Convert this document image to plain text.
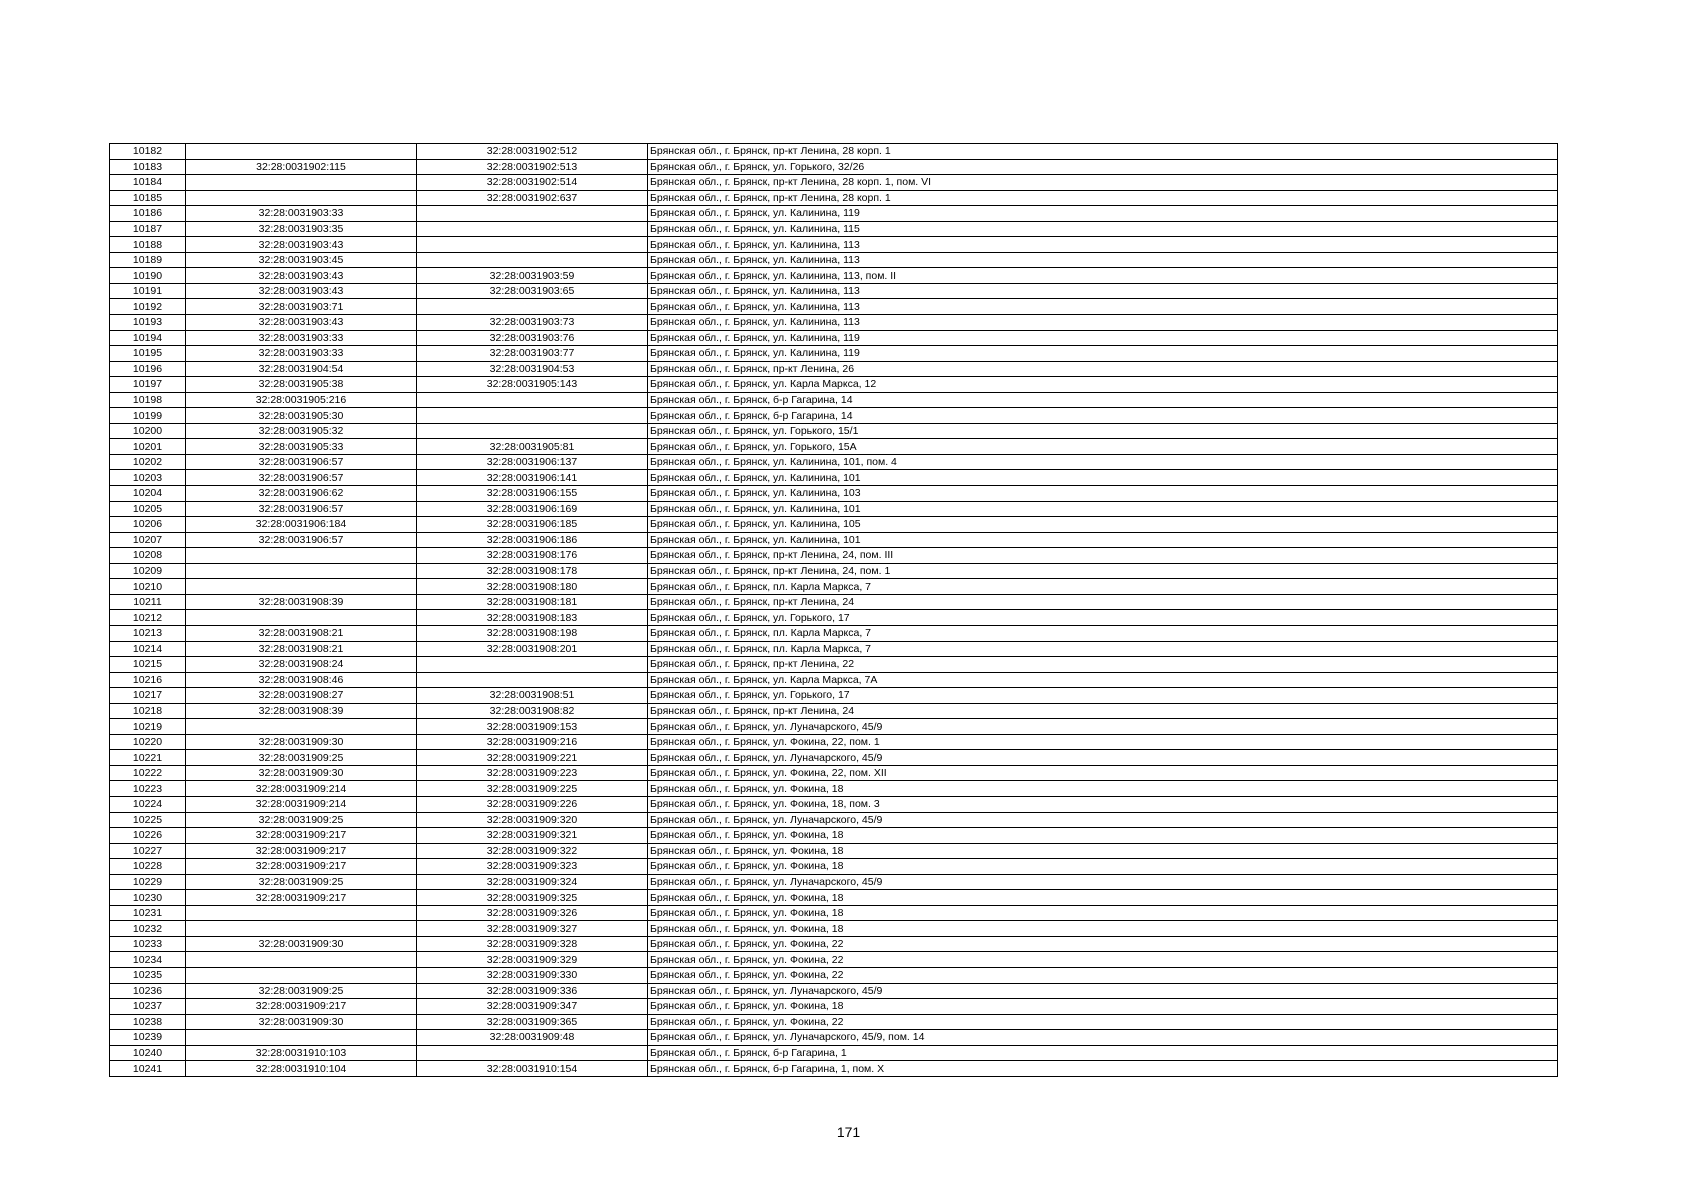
10182		32:28:0031902:512	Брянская обл., г. Брянск, пр-кт Ленина, 28 корп. 1
10183	32:28:0031902:115	32:28:0031902:513	Брянская обл., г. Брянск, ул. Горького, 32/26
10184		32:28:0031902:514	Брянская обл., г. Брянск, пр-кт Ленина, 28 корп. 1, пом. VI
10185		32:28:0031902:637	Брянская обл., г. Брянск, пр-кт Ленина, 28 корп. 1
10186	32:28:0031903:33		Брянская обл., г. Брянск, ул. Калинина, 119
10187	32:28:0031903:35		Брянская обл., г. Брянск, ул. Калинина, 115
10188	32:28:0031903:43		Брянская обл., г. Брянск, ул. Калинина, 113
10189	32:28:0031903:45		Брянская обл., г. Брянск, ул. Калинина, 113
10190	32:28:0031903:43	32:28:0031903:59	Брянская обл., г. Брянск, ул. Калинина, 113, пом. II
10191	32:28:0031903:43	32:28:0031903:65	Брянская обл., г. Брянск, ул. Калинина, 113
10192	32:28:0031903:71		Брянская обл., г. Брянск, ул. Калинина, 113
10193	32:28:0031903:43	32:28:0031903:73	Брянская обл., г. Брянск, ул. Калинина, 113
10194	32:28:0031903:33	32:28:0031903:76	Брянская обл., г. Брянск, ул. Калинина, 119
10195	32:28:0031903:33	32:28:0031903:77	Брянская обл., г. Брянск, ул. Калинина, 119
10196	32:28:0031904:54	32:28:0031904:53	Брянская обл., г. Брянск, пр-кт Ленина, 26
10197	32:28:0031905:38	32:28:0031905:143	Брянская обл., г. Брянск, ул. Карла Маркса, 12
10198	32:28:0031905:216		Брянская обл., г. Брянск, б-р Гагарина, 14
10199	32:28:0031905:30		Брянская обл., г. Брянск, б-р Гагарина, 14
10200	32:28:0031905:32		Брянская обл., г. Брянск, ул. Горького, 15/1
10201	32:28:0031905:33	32:28:0031905:81	Брянская обл., г. Брянск, ул. Горького, 15А
10202	32:28:0031906:57	32:28:0031906:137	Брянская обл., г. Брянск, ул. Калинина, 101, пом. 4
10203	32:28:0031906:57	32:28:0031906:141	Брянская обл., г. Брянск, ул. Калинина, 101
10204	32:28:0031906:62	32:28:0031906:155	Брянская обл., г. Брянск, ул. Калинина, 103
10205	32:28:0031906:57	32:28:0031906:169	Брянская обл., г. Брянск, ул. Калинина, 101
10206	32:28:0031906:184	32:28:0031906:185	Брянская обл., г. Брянск, ул. Калинина, 105
10207	32:28:0031906:57	32:28:0031906:186	Брянская обл., г. Брянск, ул. Калинина, 101
10208		32:28:0031908:176	Брянская обл., г. Брянск, пр-кт Ленина, 24, пом. III
10209		32:28:0031908:178	Брянская обл., г. Брянск, пр-кт Ленина, 24, пом. 1
10210		32:28:0031908:180	Брянская обл., г. Брянск, пл. Карла Маркса, 7
10211	32:28:0031908:39	32:28:0031908:181	Брянская обл., г. Брянск, пр-кт Ленина, 24
10212		32:28:0031908:183	Брянская обл., г. Брянск, ул. Горького, 17
10213	32:28:0031908:21	32:28:0031908:198	Брянская обл., г. Брянск, пл. Карла Маркса, 7
10214	32:28:0031908:21	32:28:0031908:201	Брянская обл., г. Брянск, пл. Карла Маркса, 7
10215	32:28:0031908:24		Брянская обл., г. Брянск, пр-кт Ленина, 22
10216	32:28:0031908:46		Брянская обл., г. Брянск, ул. Карла Маркса, 7А
10217	32:28:0031908:27	32:28:0031908:51	Брянская обл., г. Брянск, ул. Горького, 17
10218	32:28:0031908:39	32:28:0031908:82	Брянская обл., г. Брянск, пр-кт Ленина, 24
10219		32:28:0031909:153	Брянская обл., г. Брянск, ул. Луначарского, 45/9
10220	32:28:0031909:30	32:28:0031909:216	Брянская обл., г. Брянск, ул. Фокина, 22, пом. 1
10221	32:28:0031909:25	32:28:0031909:221	Брянская обл., г. Брянск, ул. Луначарского, 45/9
10222	32:28:0031909:30	32:28:0031909:223	Брянская обл., г. Брянск, ул. Фокина, 22, пом. XII
10223	32:28:0031909:214	32:28:0031909:225	Брянская обл., г. Брянск, ул. Фокина, 18
10224	32:28:0031909:214	32:28:0031909:226	Брянская обл., г. Брянск, ул. Фокина, 18, пом. 3
10225	32:28:0031909:25	32:28:0031909:320	Брянская обл., г. Брянск, ул. Луначарского, 45/9
10226	32:28:0031909:217	32:28:0031909:321	Брянская обл., г. Брянск, ул. Фокина, 18
10227	32:28:0031909:217	32:28:0031909:322	Брянская обл., г. Брянск, ул. Фокина, 18
10228	32:28:0031909:217	32:28:0031909:323	Брянская обл., г. Брянск, ул. Фокина, 18
10229	32:28:0031909:25	32:28:0031909:324	Брянская обл., г. Брянск, ул. Луначарского, 45/9
10230	32:28:0031909:217	32:28:0031909:325	Брянская обл., г. Брянск, ул. Фокина, 18
10231		32:28:0031909:326	Брянская обл., г. Брянск, ул. Фокина, 18
10232		32:28:0031909:327	Брянская обл., г. Брянск, ул. Фокина, 18
10233	32:28:0031909:30	32:28:0031909:328	Брянская обл., г. Брянск, ул. Фокина, 22
10234		32:28:0031909:329	Брянская обл., г. Брянск, ул. Фокина, 22
10235		32:28:0031909:330	Брянская обл., г. Брянск, ул. Фокина, 22
10236	32:28:0031909:25	32:28:0031909:336	Брянская обл., г. Брянск, ул. Луначарского, 45/9
10237	32:28:0031909:217	32:28:0031909:347	Брянская обл., г. Брянск, ул. Фокина, 18
10238	32:28:0031909:30	32:28:0031909:365	Брянская обл., г. Брянск, ул. Фокина, 22
10239		32:28:0031909:48	Брянская обл., г. Брянск, ул. Луначарского, 45/9, пом. 14
10240	32:28:0031910:103		Брянская обл., г. Брянск, б-р Гагарина, 1
10241	32:28:0031910:104	32:28:0031910:154	Брянская обл., г. Брянск, б-р Гагарина, 1, пом. X
171
